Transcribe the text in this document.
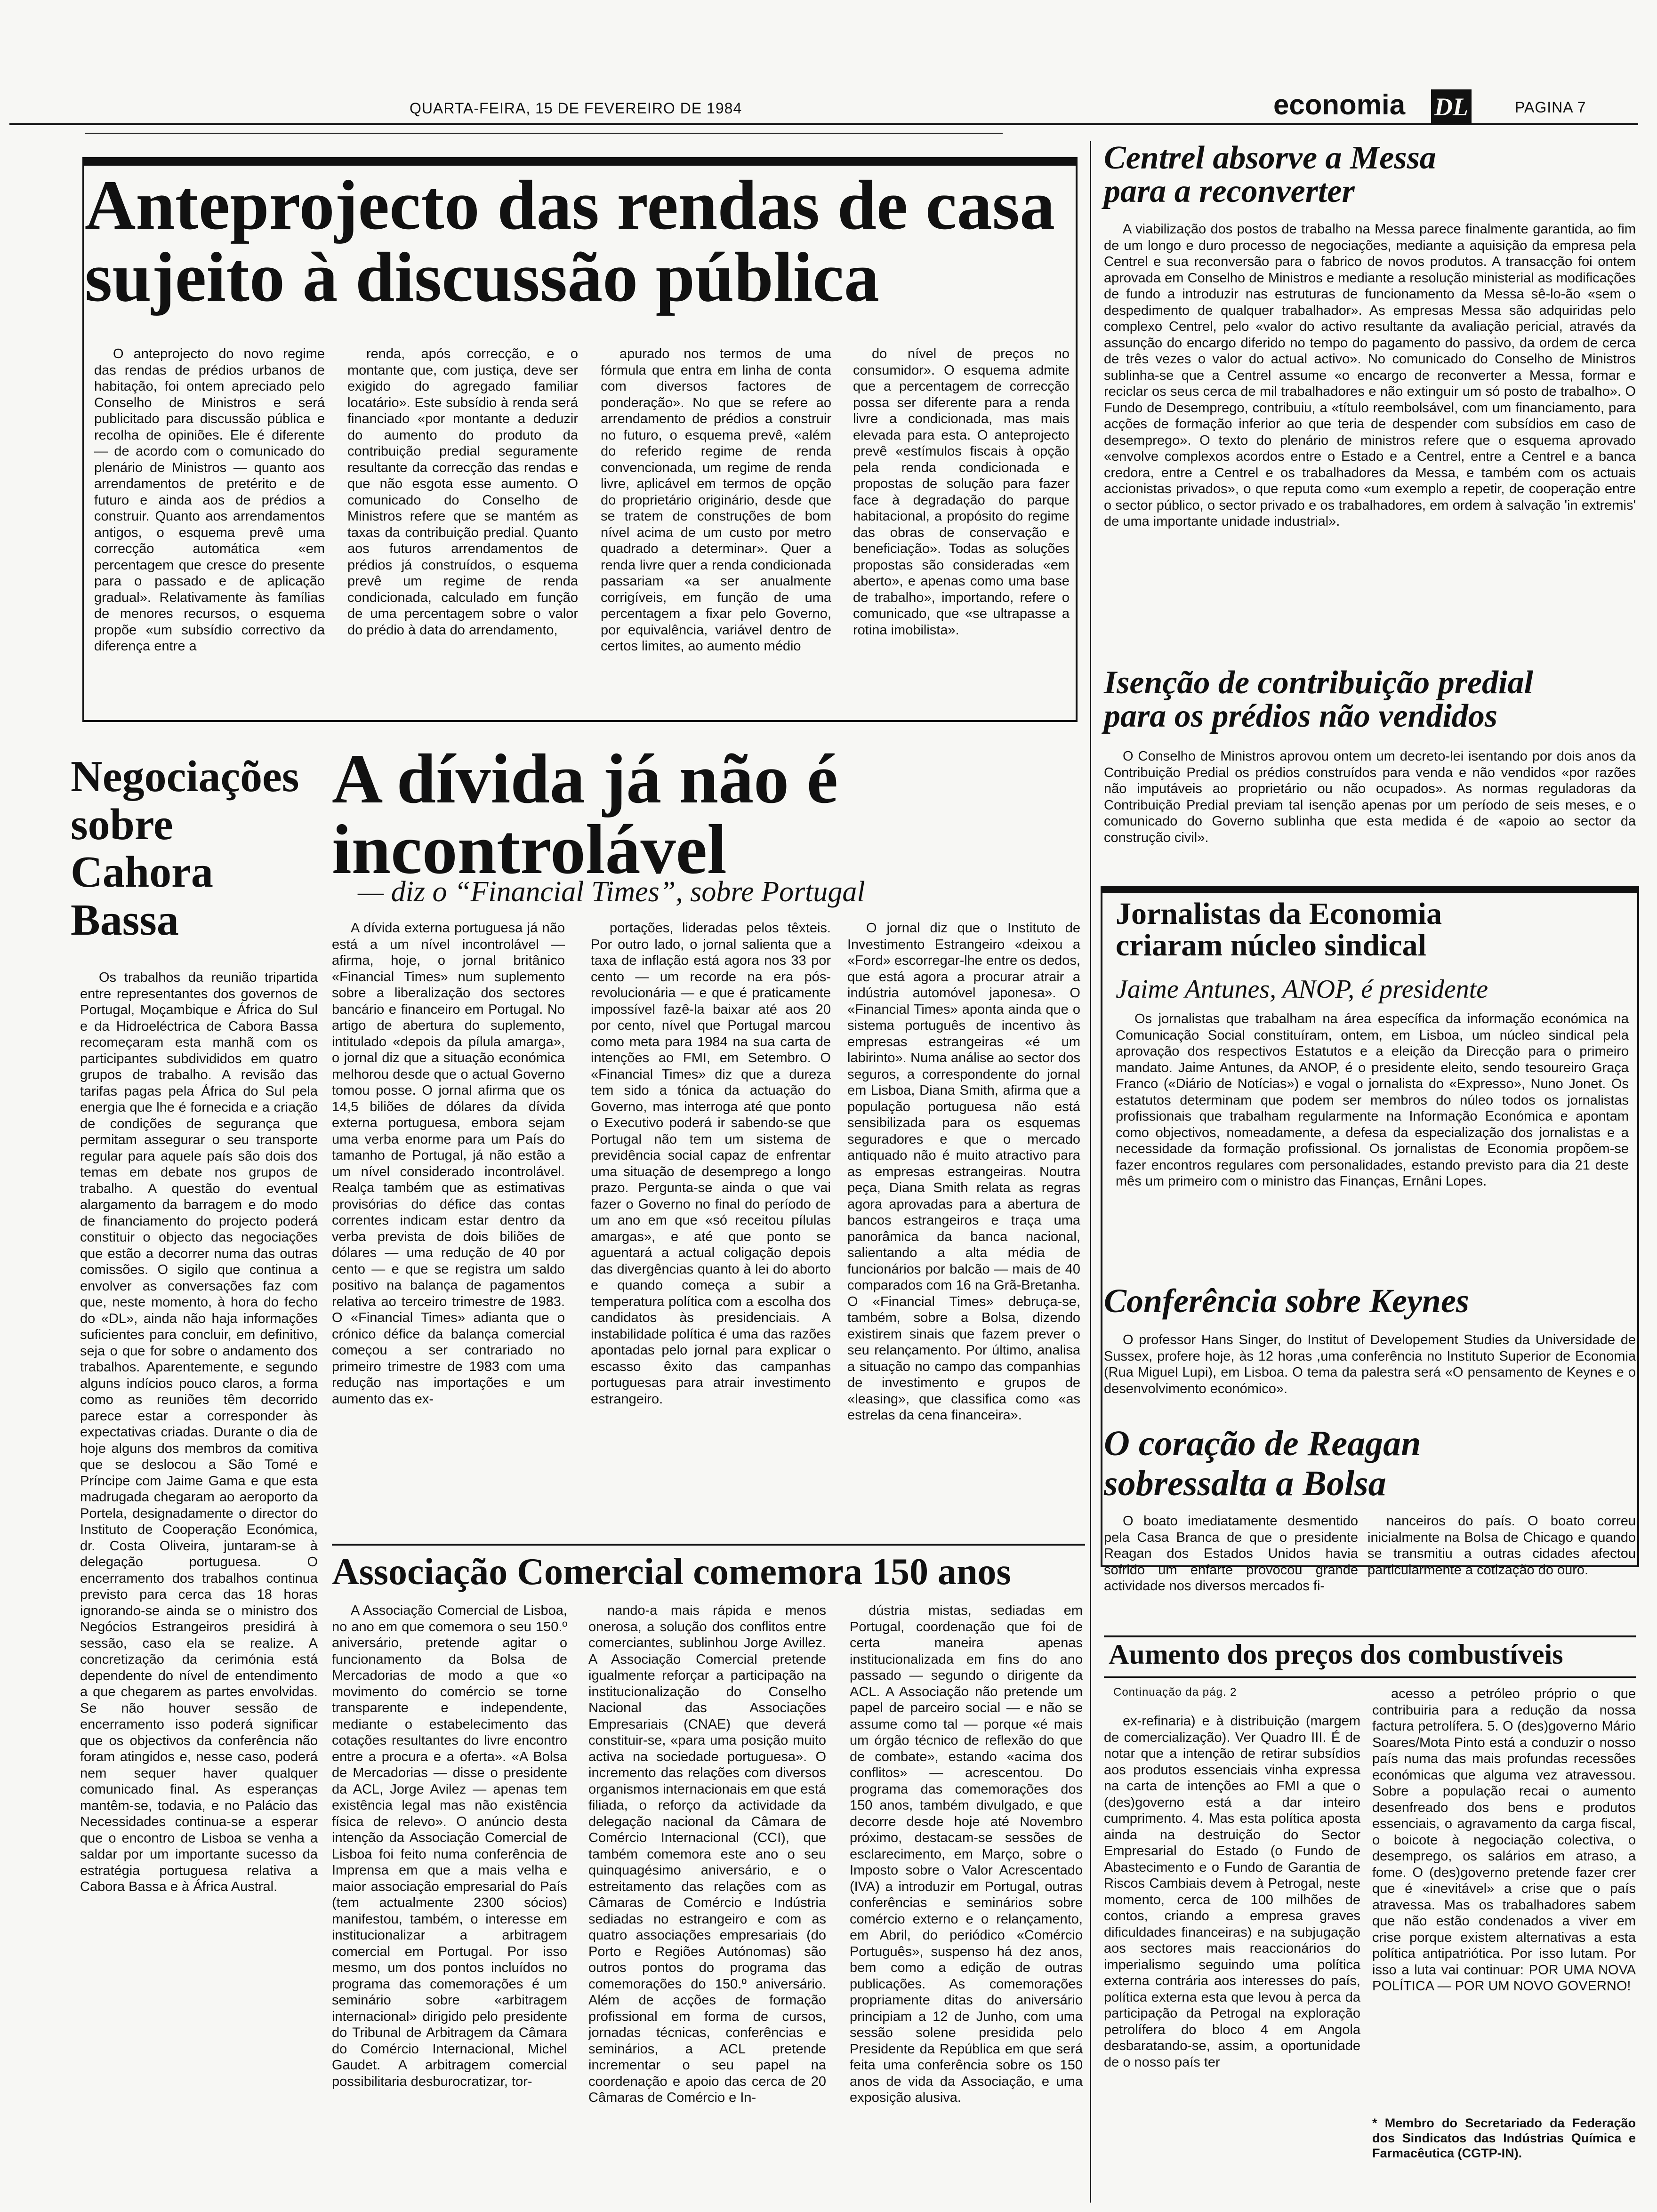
QUARTA-FEIRA, 15 DE FEVEREIRO DE 1984	economia DL	PAGINA 7
Anteprojecto das rendas de casa
sujeito à discussão pública

O anteprojecto do novo regime das rendas de prédios urbanos de habitação, foi ontem apreciado pelo Conselho de Ministros e será publicitado para discussão pública e recolha de opiniões. Ele é diferente — de acordo com o comunicado do plenário de Ministros — quanto aos arrendamentos de pretérito e de futuro e ainda aos de prédios a construir. Quanto aos arrendamentos antigos, o esquema prevê uma correcção automática «em percentagem que cresce do presente para o passado e de aplicação gradual». Relativamente às famílias de menores recursos, o esquema propõe «um subsídio correctivo da diferença entre a

renda, após correcção, e o montante que, com justiça, deve ser exigido do agregado familiar locatário». Este subsídio à renda será financiado «por montante a deduzir do aumento do produto da contribuição predial seguramente resultante da correcção das rendas e que não esgota esse aumento. O comunicado do Conselho de Ministros refere que se mantém as taxas da contribuição predial. Quanto aos futuros arrendamentos de prédios já construídos, o esquema prevê um regime de renda condicionada, calculado em função de uma percentagem sobre o valor do prédio à data do arrendamento,

apurado nos termos de uma fórmula que entra em linha de conta com diversos factores de ponderação». No que se refere ao arrendamento de prédios a construir no futuro, o esquema prevê, «além do referido regime de renda convencionada, um regime de renda livre, aplicável em termos de opção do proprietário originário, desde que se tratem de construções de bom nível acima de um custo por metro quadrado a determinar». Quer a renda livre quer a renda condicionada passariam «a ser anualmente corrigíveis, em função de uma percentagem a fixar pelo Governo, por equivalência, variável dentro de certos limites, ao aumento médio

do nível de preços no consumidor». O esquema admite que a percentagem de correcção possa ser diferente para a renda livre a condicionada, mas mais elevada para esta. O anteprojecto prevê «estímulos fiscais à opção pela renda condicionada e propostas de solução para fazer face à degradação do parque habitacional, a propósito do regime das obras de conservação e beneficiação». Todas as soluções propostas são consideradas «em aberto», e apenas como uma base de trabalho», importando, refere o comunicado, que «se ultrapasse a rotina imobilista».

Centrel absorve a Messa
para a reconverter

A viabilização dos postos de trabalho na Messa parece finalmente garantida, ao fim de um longo e duro processo de negociações, mediante a aquisição da empresa pela Centrel e sua reconversão para o fabrico de novos produtos. A transacção foi ontem aprovada em Conselho de Ministros e mediante a resolução ministerial as modificações de fundo a introduzir nas estruturas de funcionamento da Messa sê-lo-ão «sem o despedimento de qualquer trabalhador». As empresas Messa são adquiridas pelo complexo Centrel, pelo «valor do activo resultante da avaliação pericial, através da assunção do encargo diferido no tempo do pagamento do passivo, da ordem de cerca de três vezes o valor do actual activo». No comunicado do Conselho de Ministros sublinha-se que a Centrel assume «o encargo de reconverter a Messa, formar e reciclar os seus cerca de mil trabalhadores e não extinguir um só posto de trabalho». O Fundo de Desemprego, contribuiu, a «título reembolsável, com um financiamento, para acções de formação inferior ao que teria de despender com subsídios em caso de desemprego». O texto do plenário de ministros refere que o esquema aprovado «envolve complexos acordos entre o Estado e a Centrel, entre a Centrel e a banca credora, entre a Centrel e os trabalhadores da Messa, e também com os actuais accionistas privados», o que reputa como «um exemplo a repetir, de cooperação entre o sector público, o sector privado e os trabalhadores, em ordem à salvação 'in extremis' de uma importante unidade industrial».

Isenção de contribuição predial
para os prédios não vendidos

O Conselho de Ministros aprovou ontem um decreto-lei isentando por dois anos da Contribuição Predial os prédios construídos para venda e não vendidos «por razões não imputáveis ao proprietário ou não ocupados». As normas reguladoras da Contribuição Predial previam tal isenção apenas por um período de seis meses, e o comunicado do Governo sublinha que esta medida é de «apoio ao sector da construção civil».

Jornalistas da Economia
criaram núcleo sindical
Jaime Antunes, ANOP, é presidente

Os jornalistas que trabalham na área específica da informação económica na Comunicação Social constituíram, ontem, em Lisboa, um núcleo sindical pela aprovação dos respectivos Estatutos e a eleição da Direcção para o primeiro mandato. Jaime Antunes, da ANOP, é o presidente eleito, sendo tesoureiro Graça Franco («Diário de Notícias») e vogal o jornalista do «Expresso», Nuno Jonet. Os estatutos determinam que podem ser membros do núleo todos os jornalistas profissionais que trabalham regularmente na Informação Económica e apontam como objectivos, nomeadamente, a defesa da especialização dos jornalistas e a necessidade da formação profissional. Os jornalistas de Economia propõem-se fazer encontros regulares com personalidades, estando previsto para dia 21 deste mês um primeiro com o ministro das Finanças, Ernâni Lopes.

Conferência sobre Keynes

O professor Hans Singer, do Institut of Developement Studies da Universidade de Sussex, profere hoje, às 12 horas ,uma conferência no Instituto Superior de Economia (Rua Miguel Lupi), em Lisboa. O tema da palestra será «O pensamento de Keynes e o desenvolvimento económico».

O coração de Reagan
sobressalta a Bolsa

O boato imediatamente desmentido pela Casa Branca de que o presidente Reagan dos Estados Unidos havia sofrido um enfarte provocou grande actividade nos diversos mercados fi-

nanceiros do país. O boato correu inicialmente na Bolsa de Chicago e quando se transmitiu a outras cidades afectou particularmente a cotização do ouro.

Negociações
sobre
Cahora
Bassa

Os trabalhos da reunião tripartida entre representantes dos governos de Portugal, Moçambique e África do Sul e da Hidroeléctrica de Cabora Bassa recomeçaram esta manhã com os participantes subdivididos em quatro grupos de trabalho. A revisão das tarifas pagas pela África do Sul pela energia que lhe é fornecida e a criação de condições de segurança que permitam assegurar o seu transporte regular para aquele país são dois dos temas em debate nos grupos de trabalho. A questão do eventual alargamento da barragem e do modo de financiamento do projecto poderá constituir o objecto das negociações que estão a decorrer numa das outras comissões. O sigilo que continua a envolver as conversações faz com que, neste momento, à hora do fecho do «DL», ainda não haja informações suficientes para concluir, em definitivo, seja o que for sobre o andamento dos trabalhos. Aparentemente, e segundo alguns indícios pouco claros, a forma como as reuniões têm decorrido parece estar a corresponder às expectativas criadas. Durante o dia de hoje alguns dos membros da comitiva que se deslocou a São Tomé e Príncipe com Jaime Gama e que esta madrugada chegaram ao aeroporto da Portela, designadamente o director do Instituto de Cooperação Económica, dr. Costa Oliveira, juntaram-se à delegação portuguesa. O encerramento dos trabalhos continua previsto para cerca das 18 horas ignorando-se ainda se o ministro dos Negócios Estrangeiros presidirá à sessão, caso ela se realize. A concretização da cerimónia está dependente do nível de entendimento a que chegarem as partes envolvidas. Se não houver sessão de encerramento isso poderá significar que os objectivos da conferência não foram atingidos e, nesse caso, poderá nem sequer haver qualquer comunicado final. As esperanças mantêm-se, todavia, e no Palácio das Necessidades continua-se a esperar que o encontro de Lisboa se venha a saldar por um importante sucesso da estratégia portuguesa relativa a Cabora Bassa e à África Austral.

A dívida já não é
incontrolável
— diz o “Financial Times”, sobre Portugal

A dívida externa portuguesa já não está a um nível incontrolável — afirma, hoje, o jornal britânico «Financial Times» num suplemento sobre a liberalização dos sectores bancário e financeiro em Portugal. No artigo de abertura do suplemento, intitulado «depois da pílula amarga», o jornal diz que a situação económica melhorou desde que o actual Governo tomou posse. O jornal afirma que os 14,5 biliões de dólares da dívida externa portuguesa, embora sejam uma verba enorme para um País do tamanho de Portugal, já não estão a um nível considerado incontrolável. Realça também que as estimativas provisórias do défice das contas correntes indicam estar dentro da verba prevista de dois biliões de dólares — uma redução de 40 por cento — e que se registra um saldo positivo na balança de pagamentos relativa ao terceiro trimestre de 1983. O «Financial Times» adianta que o crónico défice da balança comercial começou a ser contrariado no primeiro trimestre de 1983 com uma redução nas importações e um aumento das ex-

portações, lideradas pelos têxteis. Por outro lado, o jornal salienta que a taxa de inflação está agora nos 33 por cento — um recorde na era pós-revolucionária — e que é praticamente impossível fazê-la baixar até aos 20 por cento, nível que Portugal marcou como meta para 1984 na sua carta de intenções ao FMI, em Setembro. O «Financial Times» diz que a dureza tem sido a tónica da actuação do Governo, mas interroga até que ponto o Executivo poderá ir sabendo-se que Portugal não tem um sistema de previdência social capaz de enfrentar uma situação de desemprego a longo prazo. Pergunta-se ainda o que vai fazer o Governo no final do período de um ano em que «só receitou pílulas amargas», e até que ponto se aguentará a actual coligação depois das divergências quanto à lei do aborto e quando começa a subir a temperatura política com a escolha dos candidatos às presidenciais. A instabilidade política é uma das razões apontadas pelo jornal para explicar o escasso êxito das campanhas portuguesas para atrair investimento estrangeiro.

O jornal diz que o Instituto de Investimento Estrangeiro «deixou a «Ford» escorregar-lhe entre os dedos, que está agora a procurar atrair a indústria automóvel japonesa». O «Financial Times» aponta ainda que o sistema português de incentivo às empresas estrangeiras «é um labirinto». Numa análise ao sector dos seguros, a correspondente do jornal em Lisboa, Diana Smith, afirma que a população portuguesa não está sensibilizada para os esquemas seguradores e que o mercado antiquado não é muito atractivo para as empresas estrangeiras. Noutra peça, Diana Smith relata as regras agora aprovadas para a abertura de bancos estrangeiros e traça uma panorâmica da banca nacional, salientando a alta média de funcionários por balcão — mais de 40 comparados com 16 na Grã-Bretanha. O «Financial Times» debruça-se, também, sobre a Bolsa, dizendo existirem sinais que fazem prever o seu relançamento. Por último, analisa a situação no campo das companhias de investimento e grupos de «leasing», que classifica como «as estrelas da cena financeira».

Associação Comercial comemora 150 anos

A Associação Comercial de Lisboa, no ano em que comemora o seu 150.º aniversário, pretende agitar o funcionamento da Bolsa de Mercadorias de modo a que «o movimento do comércio se torne transparente e independente, mediante o estabelecimento das cotações resultantes do livre encontro entre a procura e a oferta». «A Bolsa de Mercadorias — disse o presidente da ACL, Jorge Avilez — apenas tem existência legal mas não existência física de relevo». O anúncio desta intenção da Associação Comercial de Lisboa foi feito numa conferência de Imprensa em que a mais velha e maior associação empresarial do País (tem actualmente 2300 sócios) manifestou, também, o interesse em institucionalizar a arbitragem comercial em Portugal. Por isso mesmo, um dos pontos incluídos no programa das comemorações é um seminário sobre «arbitragem internacional» dirigido pelo presidente do Tribunal de Arbitragem da Câmara do Comércio Internacional, Michel Gaudet. A arbitragem comercial possibilitaria desburocratizar, tor-

nando-a mais rápida e menos onerosa, a solução dos conflitos entre comerciantes, sublinhou Jorge Avillez. A Associação Comercial pretende igualmente reforçar a participação na institucionalização do Conselho Nacional das Associações Empresariais (CNAE) que deverá constituir-se, «para uma posição muito activa na sociedade portuguesa». O incremento das relações com diversos organismos internacionais em que está filiada, o reforço da actividade da delegação nacional da Câmara de Comércio Internacional (CCI), que também comemora este ano o seu quinquagésimo aniversário, e o estreitamento das relações com as Câmaras de Comércio e Indústria sediadas no estrangeiro e com as quatro associações empresariais (do Porto e Regiões Autónomas) são outros pontos do programa das comemorações do 150.º aniversário. Além de acções de formação profissional em forma de cursos, jornadas técnicas, conferências e seminários, a ACL pretende incrementar o seu papel na coordenação e apoio das cerca de 20 Câmaras de Comércio e In-

dústria mistas, sediadas em Portugal, coordenação que foi de certa maneira apenas institucionalizada em fins do ano passado — segundo o dirigente da ACL. A Associação não pretende um papel de parceiro social — e não se assume como tal — porque «é mais um órgão técnico de reflexão do que de combate», estando «acima dos conflitos» — acrescentou. Do programa das comemorações dos 150 anos, também divulgado, e que decorre desde hoje até Novembro próximo, destacam-se sessões de esclarecimento, em Março, sobre o Imposto sobre o Valor Acrescentado (IVA) a introduzir em Portugal, outras conferências e seminários sobre comércio externo e o relançamento, em Abril, do periódico «Comércio Português», suspenso há dez anos, bem como a edição de outras publicações. As comemorações propriamente ditas do aniversário principiam a 12 de Junho, com uma sessão solene presidida pelo Presidente da República em que será feita uma conferência sobre os 150 anos de vida da Associação, e uma exposição alusiva.

Aumento dos preços dos combustíveis
Continuação da pág. 2

ex-refinaria) e à distribuição (margem de comercialização). Ver Quadro III. É de notar que a intenção de retirar subsídios aos produtos essenciais vinha expressa na carta de intenções ao FMI a que o (des)governo está a dar inteiro cumprimento. 4. Mas esta política aposta ainda na destruição do Sector Empresarial do Estado (o Fundo de Abastecimento e o Fundo de Garantia de Riscos Cambiais devem à Petrogal, neste momento, cerca de 100 milhões de contos, criando a empresa graves dificuldades financeiras) e na subjugação aos sectores mais reaccionários do imperialismo seguindo uma política externa contrária aos interesses do país, política externa esta que levou à perca da participação da Petrogal na exploração petrolífera do bloco 4 em Angola desbaratando-se, assim, a oportunidade de o nosso país ter

acesso a petróleo próprio o que contribuiria para a redução da nossa factura petrolífera. 5. O (des)governo Mário Soares/Mota Pinto está a conduzir o nosso país numa das mais profundas recessões económicas que alguma vez atravessou. Sobre a população recai o aumento desenfreado dos bens e produtos essenciais, o agravamento da carga fiscal, o boicote à negociação colectiva, o desemprego, os salários em atraso, a fome. O (des)governo pretende fazer crer que é «inevitável» a crise que o país atravessa. Mas os trabalhadores sabem que não estão condenados a viver em crise porque existem alternativas a esta política antipatriótica. Por isso lutam. Por isso a luta vai continuar: POR UMA NOVA POLÍTICA — POR UM NOVO GOVERNO!

* Membro do Secretariado da Federação dos Sindicatos das Indústrias Química e Farmacêutica (CGTP-IN).
